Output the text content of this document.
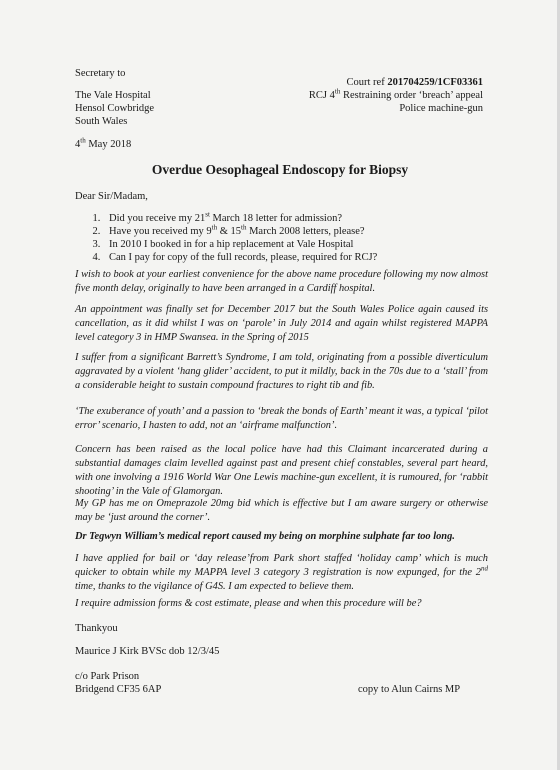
Secretary to
The Vale Hospital
Hensol Cowbridge
South Wales
Court ref 201704259/1CF03361
RCJ 4th Restraining order ‘breach’ appeal
Police machine-gun
4th May 2018
Overdue Oesophageal Endoscopy for Biopsy
Dear Sir/Madam,
1. Did you receive my 21st March 18 letter for admission?
2. Have you received my 9th & 15th March 2008 letters, please?
3. In 2010 I booked in for a hip replacement at Vale Hospital
4. Can I pay for copy of the full records, please, required for RCJ?
I wish to book at your earliest convenience for the above name procedure following my now almost five month delay, originally to have been arranged in a Cardiff hospital.
An appointment was finally set for December 2017 but the South Wales Police again caused its cancellation, as it did whilst I was on ‘parole’ in July 2014 and again whilst registered MAPPA level category 3 in HMP Swansea. in the Spring of 2015
I suffer from a significant Barrett’s Syndrome, I am told, originating from a possible diverticulum aggravated by a violent ‘hang glider’ accident, to put it mildly, back in the 70s due to a ‘stall’ from a considerable height to sustain compound fractures to right tib and fib.
‘The exuberance of youth’ and a passion to ‘break the bonds of Earth’ meant it was, a typical ‘pilot error’ scenario, I hasten to add, not an ‘airframe malfunction’.
Concern has been raised as the local police have had this Claimant incarcerated during a substantial damages claim levelled against past and present chief constables, several part heard, with one involving a 1916 World War One Lewis machine-gun excellent, it is rumoured, for ‘rabbit shooting’ in the Vale of Glamorgan.
My GP has me on Omeprazole 20mg bid which is effective but I am aware surgery or otherwise may be ‘just around the corner’.
Dr Tegwyn William’s medical report caused my being on morphine sulphate far too long.
I have applied for bail or ‘day release’from Park short staffed ‘holiday camp’ which is much quicker to obtain while my MAPPA level 3 category 3 registration is now expunged, for the 2nd time, thanks to the vigilance of G4S. I am expected to believe them.
I require admission forms & cost estimate, please and when this procedure will be?
Thankyou
Maurice J Kirk BVSc dob 12/3/45
c/o Park Prison
Bridgend CF35 6AP	copy to Alun Cairns MP
